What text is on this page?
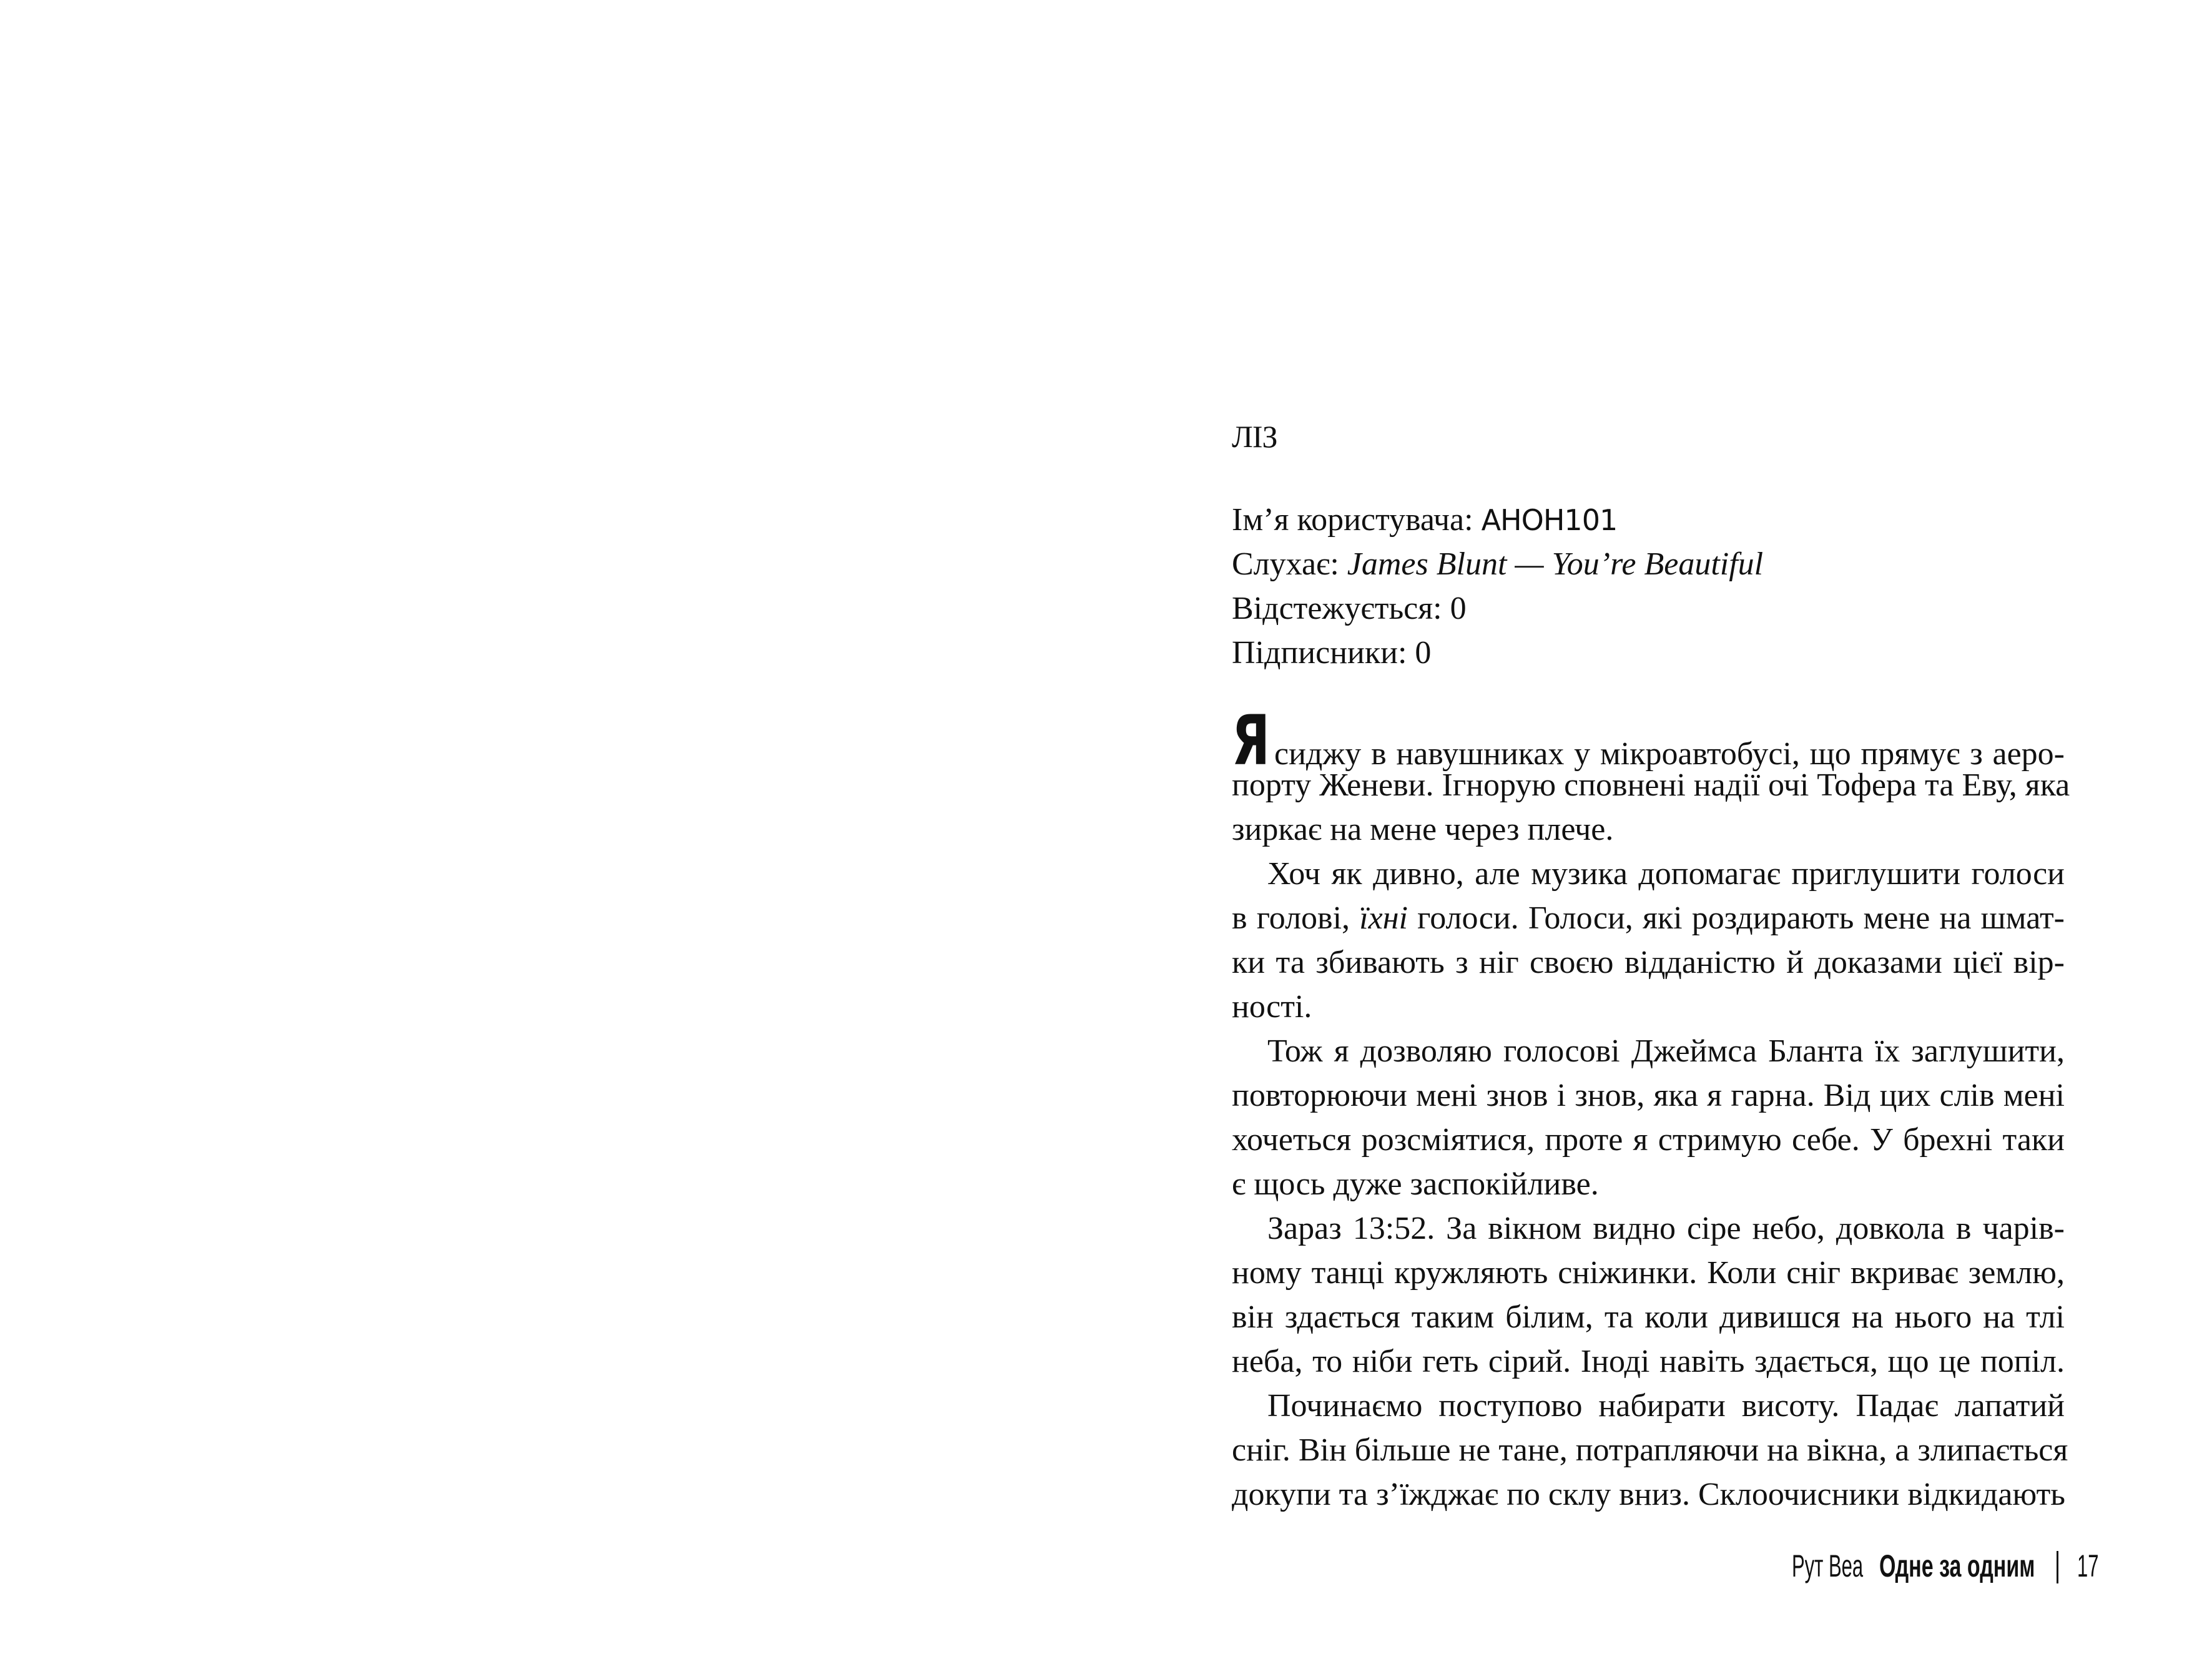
ЛІЗ
Ім’я користувача: АНОН101
Слухає: James Blunt — You’re Beautiful
Відстежується: 0
Підписники: 0
Ясиджу в навушниках у мікроавтобусі, що прямує з аеро-
порту Женеви. Ігнорую сповнені надії очі Тофера та Еву, яка
зиркає на мене через плече.
Хоч як дивно, але музика допомагає приглушити голоси
в голові, їхні голоси. Голоси, які роздирають мене на шмат-
ки та збивають з ніг своєю відданістю й доказами цієї вір-
ності.
Тож я дозволяю голосові Джеймса Бланта їх заглушити,
повторюючи мені знов і знов, яка я гарна. Від цих слів мені
хочеться розсміятися, проте я стримую себе. У брехні таки
є щось дуже заспокійливе.
Зараз 13:52. За вікном видно сіре небо, довкола в чарів-
ному танці кружляють сніжинки. Коли сніг вкриває землю,
він здається таким білим, та коли дивишся на нього на тлі
неба, то ніби геть сірий. Іноді навіть здається, що це попіл.
Починаємо поступово набирати висоту. Падає лапатий
сніг. Він більше не тане, потрапляючи на вікна, а злипається
докупи та з’їжджає по склу вниз. Склоочисники відкидають
Рут Веа Одне за одним 17
